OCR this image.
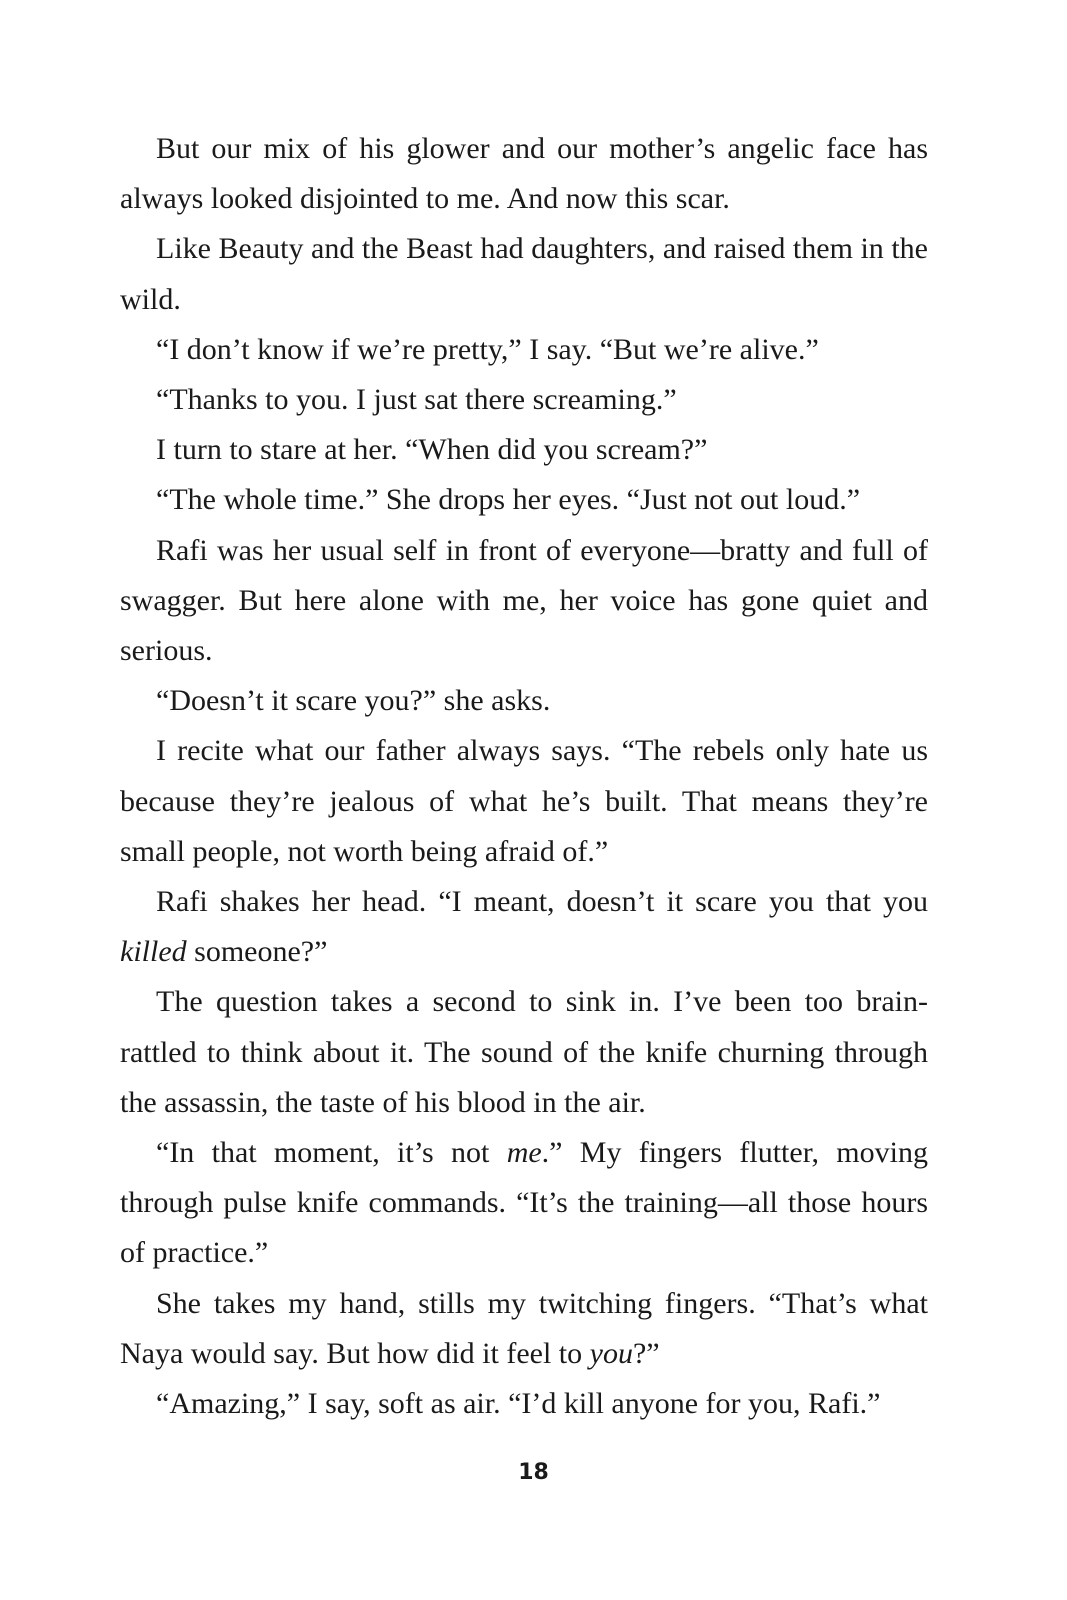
But our mix of his glower and our mother’s angelic face has always looked disjointed to me. And now this scar.

Like Beauty and the Beast had daughters, and raised them in the wild.

“I don’t know if we’re pretty,” I say. “But we’re alive.”

“Thanks to you. I just sat there screaming.”

I turn to stare at her. “When did you scream?”

“The whole time.” She drops her eyes. “Just not out loud.”

Rafi was her usual self in front of everyone—bratty and full of swagger. But here alone with me, her voice has gone quiet and serious.

“Doesn’t it scare you?” she asks.

I recite what our father always says. “The rebels only hate us because they’re jealous of what he’s built. That means they’re small people, not worth being afraid of.”

Rafi shakes her head. “I meant, doesn’t it scare you that you killed someone?”

The question takes a second to sink in. I’ve been too brain-rattled to think about it. The sound of the knife churning through the assassin, the taste of his blood in the air.

“In that moment, it’s not me.” My fingers flutter, moving through pulse knife commands. “It’s the training—all those hours of practice.”

She takes my hand, stills my twitching fingers. “That’s what Naya would say. But how did it feel to you?”

“Amazing,” I say, soft as air. “I’d kill anyone for you, Rafi.”

18
